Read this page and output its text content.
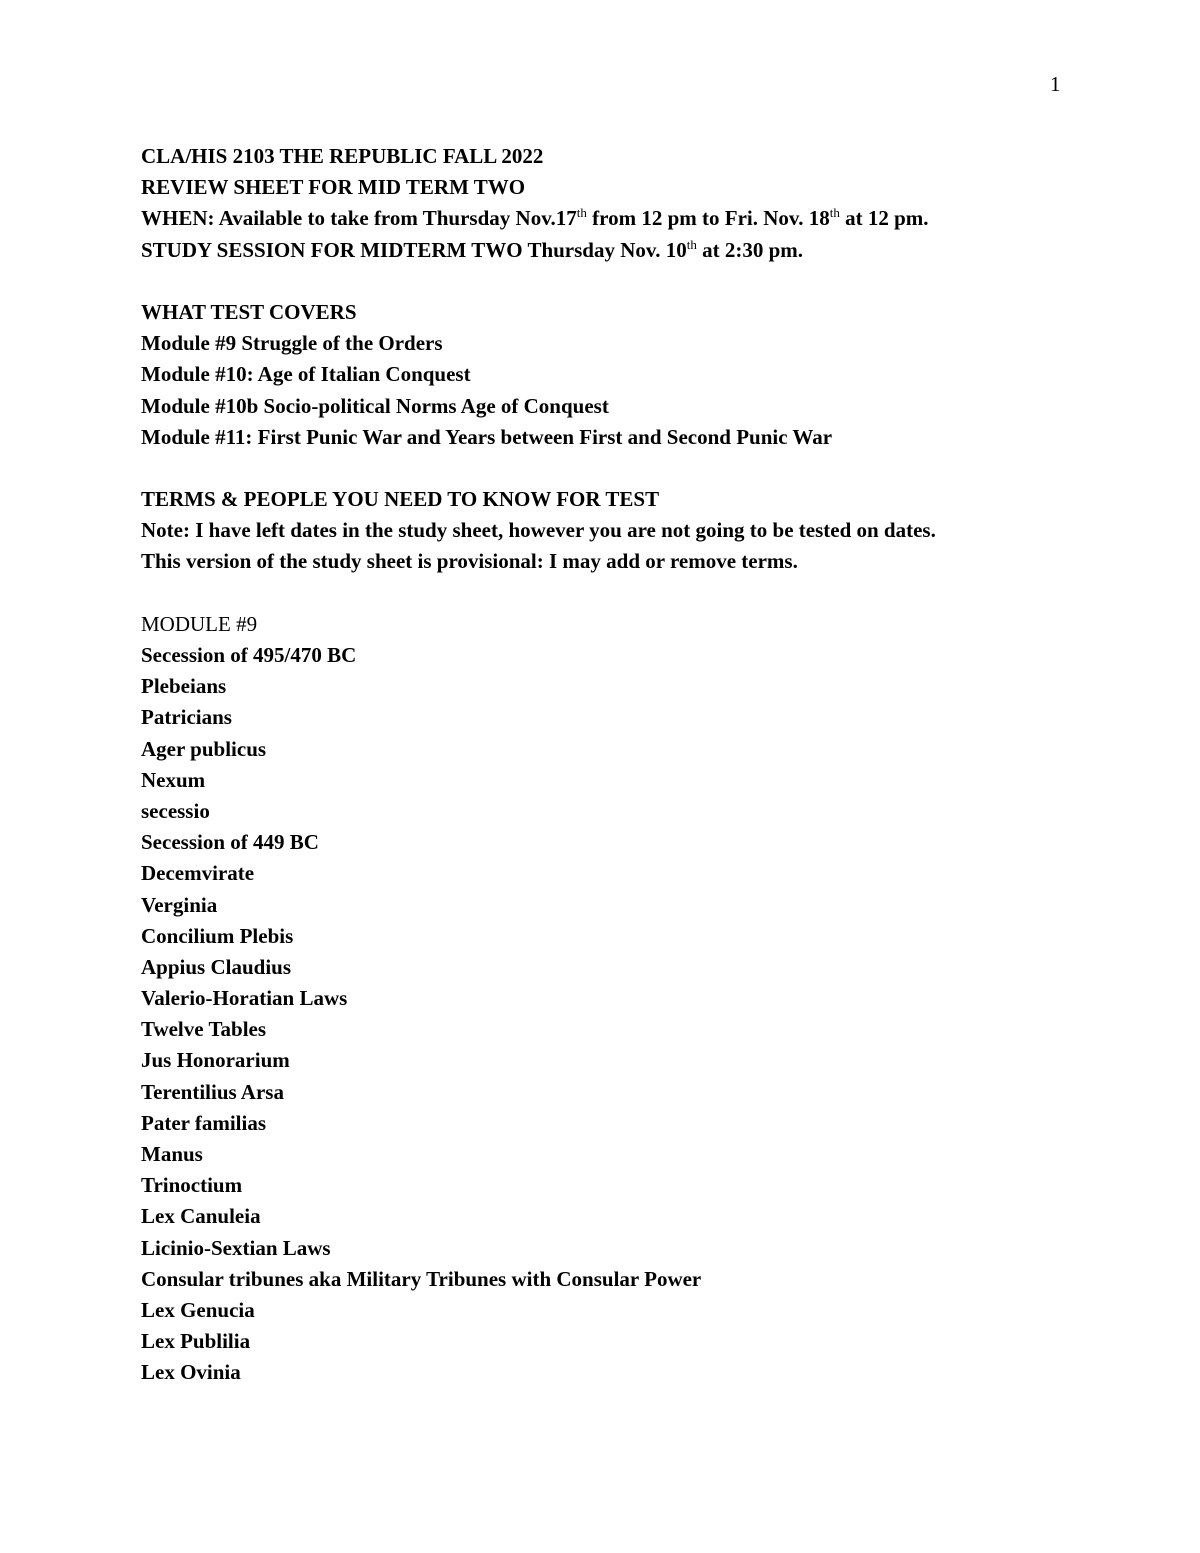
1
CLA/HIS 2103 THE REPUBLIC FALL 2022
REVIEW SHEET FOR MID TERM TWO
WHEN: Available to take from Thursday Nov.17th from 12 pm to Fri. Nov. 18th at 12 pm.
STUDY SESSION FOR MIDTERM TWO Thursday Nov. 10th at 2:30 pm.
WHAT TEST COVERS
Module #9 Struggle of the Orders
Module #10: Age of Italian Conquest
Module #10b Socio-political Norms Age of Conquest
Module #11: First Punic War and Years between First and Second Punic War
TERMS & PEOPLE YOU NEED TO KNOW FOR TEST
Note: I have left dates in the study sheet, however you are not going to be tested on dates.
This version of the study sheet is provisional: I may add or remove terms.
MODULE #9
Secession of 495/470 BC
Plebeians
Patricians
Ager publicus
Nexum
secessio
Secession of 449 BC
Decemvirate
Verginia
Concilium Plebis
Appius Claudius
Valerio-Horatian Laws
Twelve Tables
Jus Honorarium
Terentilius Arsa
Pater familias
Manus
Trinoctium
Lex Canuleia
Licinio-Sextian Laws
Consular tribunes aka Military Tribunes with Consular Power
Lex Genucia
Lex Publilia
Lex Ovinia
